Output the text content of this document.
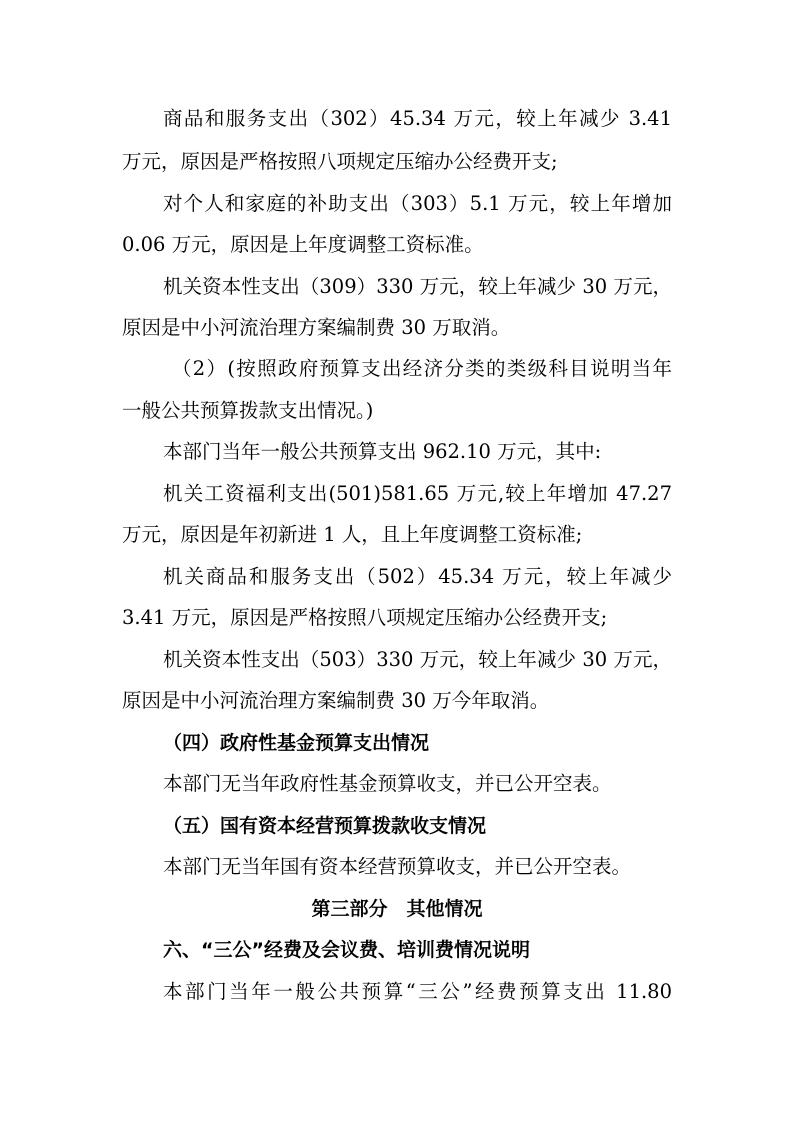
商品和服务支出（302）45.34 万元，较上年减少 3.41
万元，原因是严格按照八项规定压缩办公经费开支;
对个人和家庭的补助支出（303）5.1 万元，较上年增加
0.06 万元，原因是上年度调整工资标准。
机关资本性支出（309）330 万元，较上年减少 30 万元，
原因是中小河流治理方案编制费 30 万取消。
（2）(按照政府预算支出经济分类的类级科目说明当年
一般公共预算拨款支出情况。)
本部门当年一般公共预算支出 962.10 万元，其中:
机关工资福利支出(501)581.65 万元,较上年增加 47.27
万元，原因是年初新进 1 人，且上年度调整工资标准;
机关商品和服务支出（502）45.34 万元，较上年减少
3.41 万元，原因是严格按照八项规定压缩办公经费开支;
机关资本性支出（503）330 万元，较上年减少 30 万元，
原因是中小河流治理方案编制费 30 万今年取消。
（四）政府性基金预算支出情况
本部门无当年政府性基金预算收支，并已公开空表。
（五）国有资本经营预算拨款收支情况
本部门无当年国有资本经营预算收支，并已公开空表。
第三部分　其他情况
六、“三公”经费及会议费、培训费情况说明
本部门当年一般公共预算“三公”经费预算支出 11.80
